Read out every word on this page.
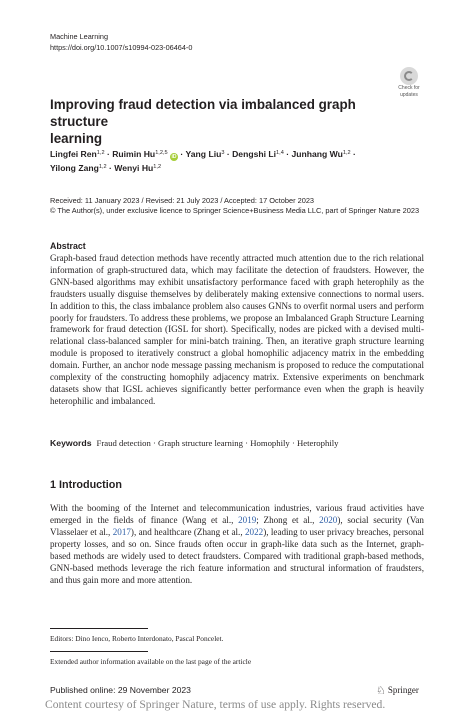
Machine Learning
https://doi.org/10.1007/s10994-023-06464-0
Check for
updates
Improving fraud detection via imbalanced graph structure
learning
Lingfei Ren$^{1,2}$ · Ruimin Hu$^{1,2,5}$ iD · Yang Liu$^3$ · Dengshi Li$^{1,4}$ · Junhang Wu$^{1,2}$ ·
Yilong Zang$^{1,2}$ · Wenyi Hu$^{1,2}$
Received: 11 January 2023 / Revised: 21 July 2023 / Accepted: 17 October 2023
© The Author(s), under exclusive licence to Springer Science+Business Media LLC, part of Springer Nature 2023
Abstract
Graph-based fraud detection methods have recently attracted much attention due to the rich relational information of graph-structured data, which may facilitate the detection of fraudsters. However, the GNN-based algorithms may exhibit unsatisfactory performance faced with graph heterophily as the fraudsters usually disguise themselves by deliberately making extensive connections to normal users. In addition to this, the class imbalance problem also causes GNNs to overfit normal users and perform poorly for fraudsters. To address these problems, we propose an Imbalanced Graph Structure Learning framework for fraud detection (IGSL for short). Specifically, nodes are picked with a devised multi-relational class-balanced sampler for mini-batch training. Then, an iterative graph structure learning module is proposed to iteratively construct a global homophilic adjacency matrix in the embedding domain. Further, an anchor node message passing mechanism is proposed to reduce the computational complexity of the constructing homophily adjacency matrix. Extensive experiments on benchmark datasets show that IGSL achieves significantly better performance even when the graph is heavily heterophilic and imbalanced.
Keywords Fraud detection · Graph structure learning · Homophily · Heterophily
1 Introduction
With the booming of the Internet and telecommunication industries, various fraud activities have emerged in the fields of finance (Wang et al., 2019; Zhong et al., 2020), social security (Van Vlasselaer et al., 2017), and healthcare (Zhang et al., 2022), leading to user privacy breaches, personal property losses, and so on. Since frauds often occur in graph-like data such as the Internet, graph-based methods are widely used to detect fraudsters. Compared with traditional graph-based methods, GNN-based methods leverage the rich feature information and structural information of fraudsters, and thus gain more and more attention.
Editors: Dino Ienco, Roberto Interdonato, Pascal Poncelet.
Extended author information available on the last page of the article
Published online: 29 November 2023	♘ Springer
Content courtesy of Springer Nature, terms of use apply. Rights reserved.
